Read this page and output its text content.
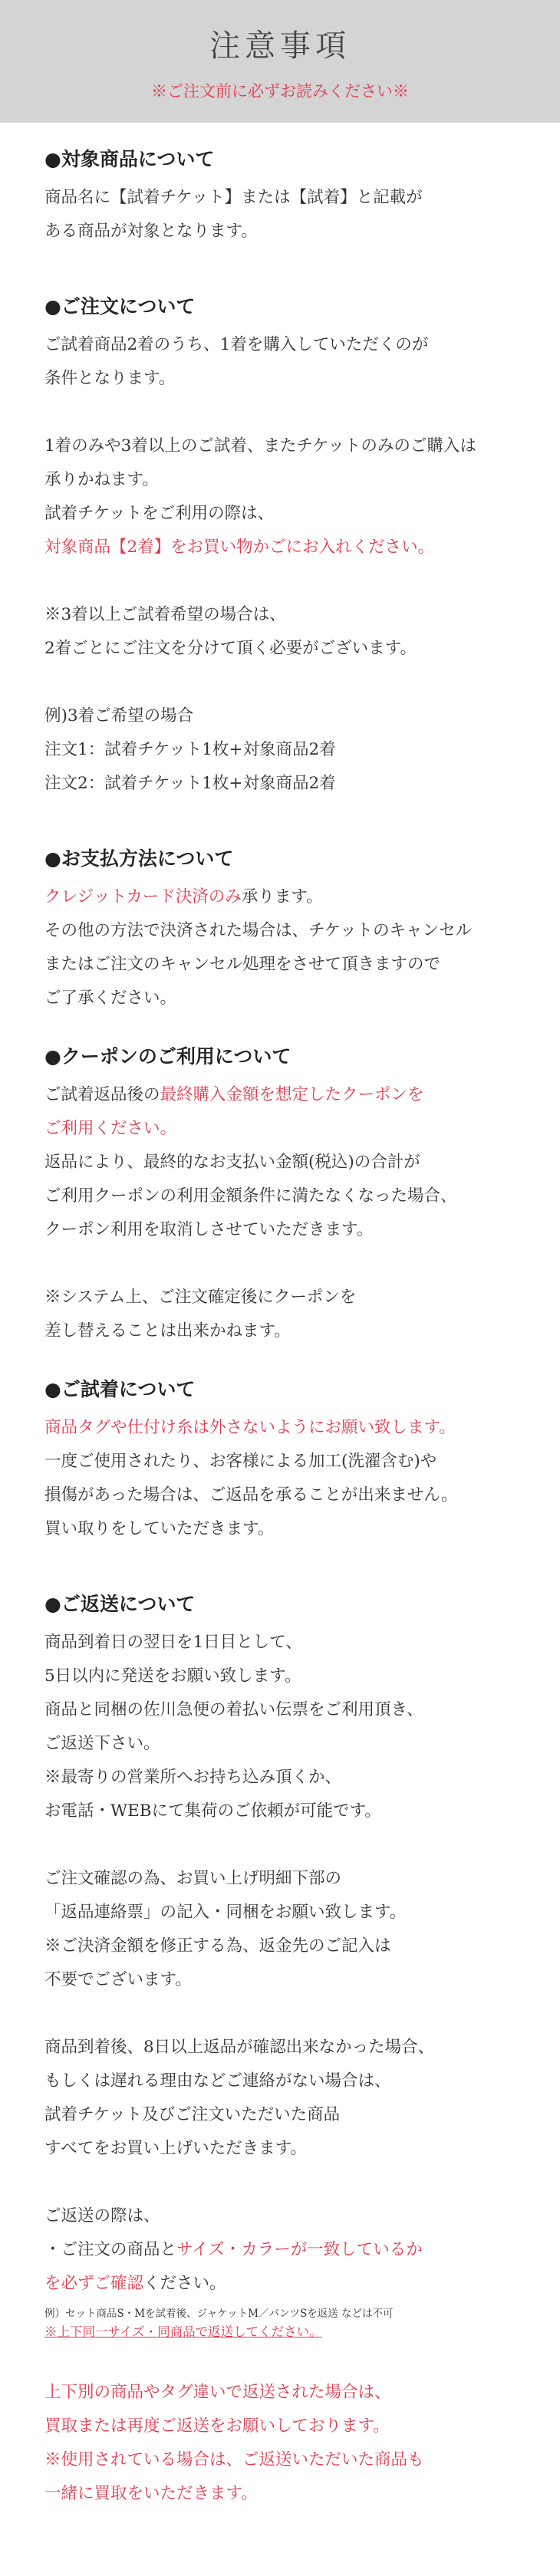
注意事項
※ご注文前に必ずお読みください※

●対象商品について

商品名に【試着チケット】または【試着】と記載が

ある商品が対象となります。

●ご注文について

ご試着商品2着のうち、1着を購入していただくのが

条件となります。

1着のみや3着以上のご試着、またチケットのみのご購入は

承りかねます。

試着チケットをご利用の際は、

対象商品【2着】をお買い物かごにお入れください。

※3着以上ご試着希望の場合は、

2着ごとにご注文を分けて頂く必要がございます。

例)3着ご希望の場合

注文1：試着チケット1枚+対象商品2着

注文2：試着チケット1枚+対象商品2着

●お支払方法について

クレジットカード決済のみ承ります。

その他の方法で決済された場合は、チケットのキャンセル

またはご注文のキャンセル処理をさせて頂きますので

ご了承ください。

●クーポンのご利用について

ご試着返品後の最終購入金額を想定したクーポンを

ご利用ください。

返品により、最終的なお支払い金額(税込)の合計が

ご利用クーポンの利用金額条件に満たなくなった場合、

クーポン利用を取消しさせていただきます。

※システム上、ご注文確定後にクーポンを

差し替えることは出来かねます。

●ご試着について

商品タグや仕付け糸は外さないようにお願い致します。

一度ご使用されたり、お客様による加工(洗濯含む)や

損傷があった場合は、ご返品を承ることが出来ません。

買い取りをしていただきます。

●ご返送について

商品到着日の翌日を1日目として、

5日以内に発送をお願い致します。

商品と同梱の佐川急便の着払い伝票をご利用頂き、

ご返送下さい。

※最寄りの営業所へお持ち込み頂くか、

お電話・WEBにて集荷のご依頼が可能です。

ご注文確認の為、お買い上げ明細下部の

「返品連絡票」の記入・同梱をお願い致します。

※ご決済金額を修正する為、返金先のご記入は

不要でございます。

商品到着後、8日以上返品が確認出来なかった場合、

もしくは遅れる理由などご連絡がない場合は、

試着チケット及びご注文いただいた商品

すべてをお買い上げいただきます。

ご返送の際は、

・ご注文の商品とサイズ・カラーが一致しているか

を必ずご確認ください。

例）セット商品S・Mを試着後、ジャケットM／パンツSを返送 などは不可

※上下同一サイズ・同商品で返送してください。

上下別の商品やタグ違いで返送された場合は、

買取または再度ご返送をお願いしております。

※使用されている場合は、ご返送いただいた商品も

一緒に買取をいただきます。
